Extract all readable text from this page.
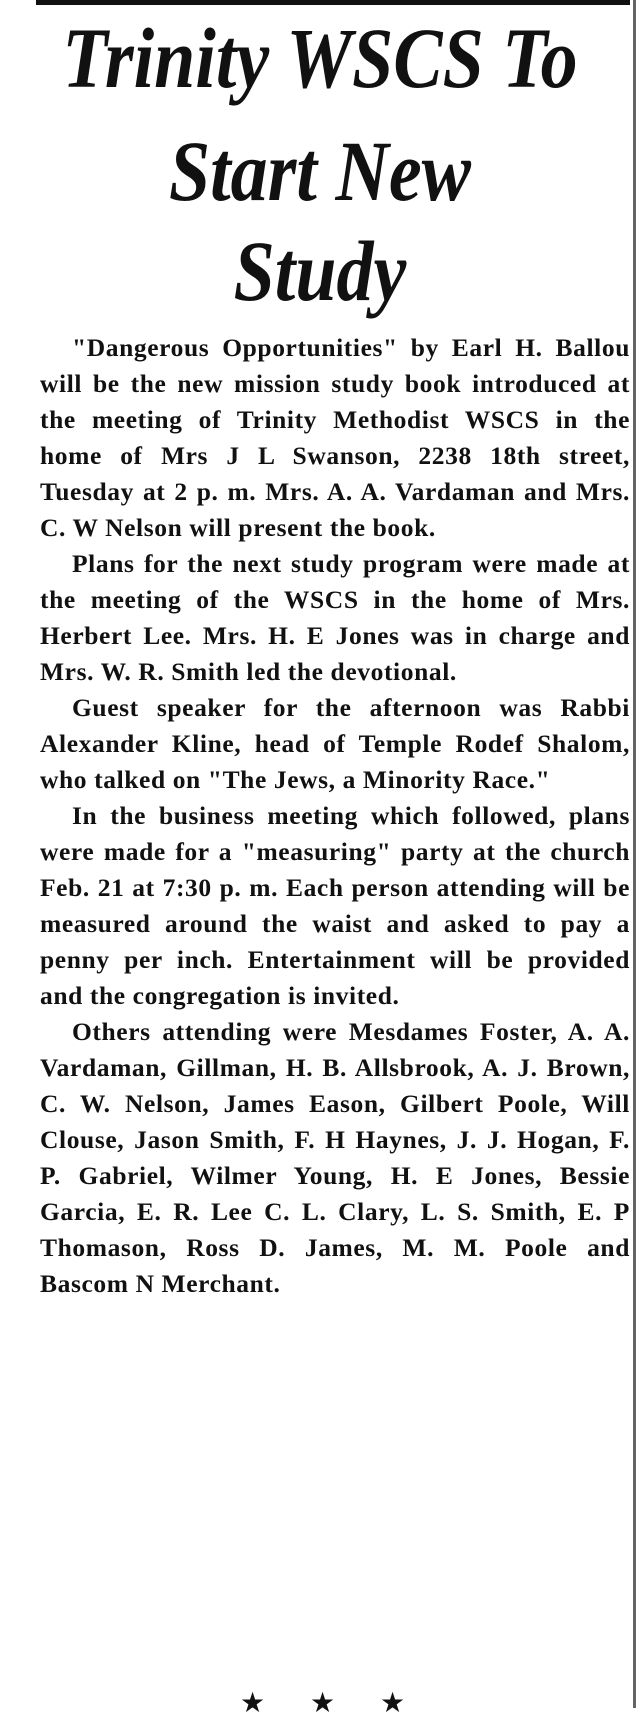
Trinity WSCS To
Start New
Study

"Dangerous Opportunities" by Earl H. Ballou will be the new mission study book introduced at the meeting of Trinity Methodist WSCS in the home of Mrs J L Swanson, 2238 18th street, Tuesday at 2 p. m. Mrs. A. A. Vardaman and Mrs. C. W Nelson will present the book.

Plans for the next study program were made at the meeting of the WSCS in the home of Mrs. Herbert Lee. Mrs. H. E Jones was in charge and Mrs. W. R. Smith led the devotional.

Guest speaker for the afternoon was Rabbi Alexander Kline, head of Temple Rodef Shalom, who talked on "The Jews, a Minority Race."

In the business meeting which followed, plans were made for a "measuring" party at the church Feb. 21 at 7:30 p. m. Each person attending will be measured around the waist and asked to pay a penny per inch. Entertainment will be provided and the congregation is invited.

Others attending were Mesdames Foster, A. A. Vardaman, Gillman, H. B. Allsbrook, A. J. Brown, C. W. Nelson, James Eason, Gilbert Poole, Will Clouse, Jason Smith, F. H Haynes, J. J. Hogan, F. P. Gabriel, Wilmer Young, H. E Jones, Bessie Garcia, E. R. Lee C. L. Clary, L. S. Smith, E. P Thomason, Ross D. James, M. M. Poole and Bascom N Merchant.

★ ★ ★
